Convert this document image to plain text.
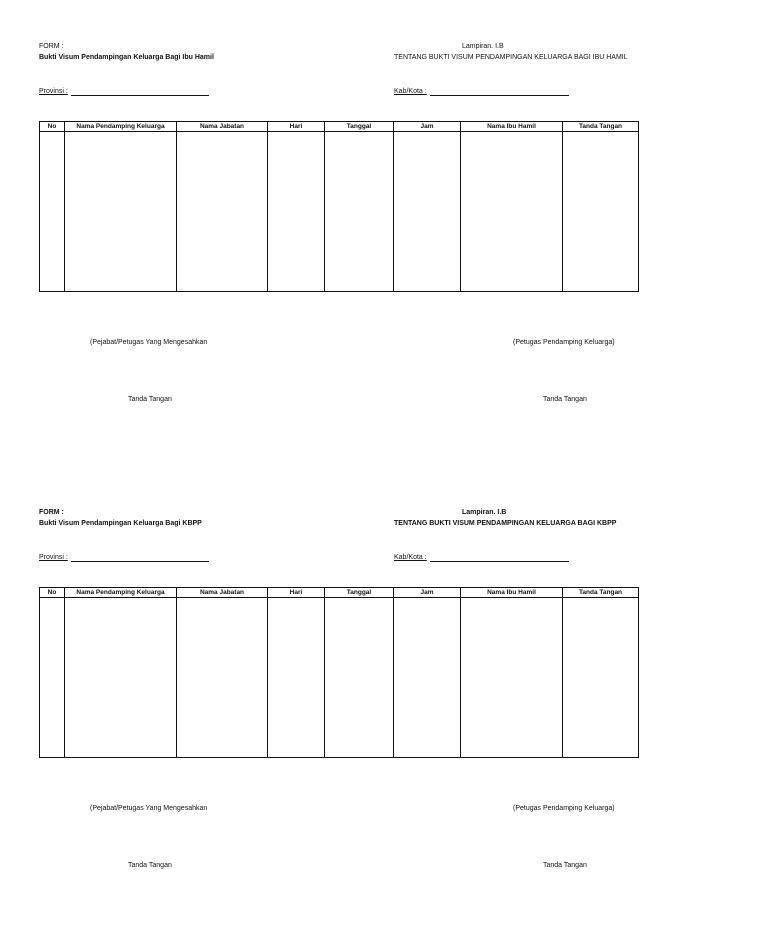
FORM :
Bukti Visum Pendampingan Keluarga Bagi Ibu Hamil
Lampiran. I.B
TENTANG BUKTI VISUM PENDAMPINGAN KELUARGA BAGI IBU HAMIL
Provinsi :	Kab/Kota :
No	Nama Pendamping Keluarga	Nama Jabatan	Hari	Tanggal	Jam	Nama Ibu Hamil	Tanda Tangan

(Pejabat/Petugas Yang Mengesahkan	(Petugas Pendamping Keluarga)
Tanda Tangan	Tanda Tangan
FORM :
Bukti Visum Pendampingan Keluarga Bagi KBPP
Lampiran. I.B
TENTANG BUKTI VISUM PENDAMPINGAN KELUARGA BAGI KBPP
Provinsi :	Kab/Kota :
No	Nama Pendamping Keluarga	Nama Jabatan	Hari	Tanggal	Jam	Nama Ibu Hamil	Tanda Tangan

(Pejabat/Petugas Yang Mengesahkan	(Petugas Pendamping Keluarga)
Tanda Tangan	Tanda Tangan
